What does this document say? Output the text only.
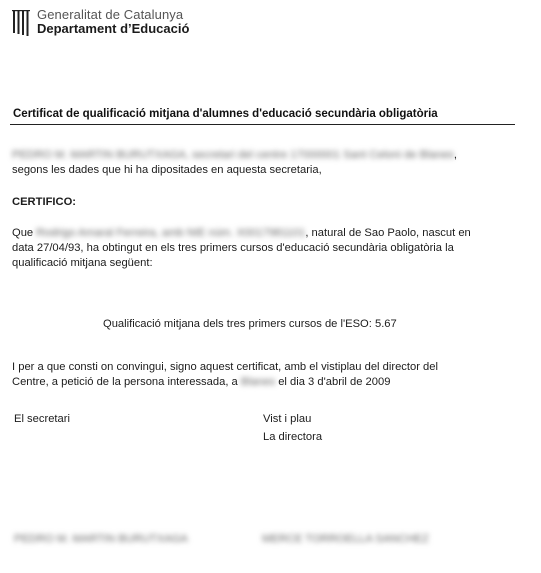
Generalitat de Catalunya
Departament d’Educació
Certificat de qualificació mitjana d'alumnes d'educació secundària obligatòria
PEDRO M. MARTIN BURUTXAGA, secretari del centre 17000001 Sant Celoni de Blanes,
segons les dades que hi ha dipositades en aquesta secretaria,
CERTIFICO:
Que Rodrigo Amaral Ferreira, amb NIE núm. X0017981101, natural de Sao Paolo, nascut en
data 27/04/93, ha obtingut en els tres primers cursos d'educació secundària obligatòria la
qualificació mitjana següent:
Qualificació mitjana dels tres primers cursos de l'ESO: 5.67
I per a que consti on convingui, signo aquest certificat, amb el vistiplau del director del
Centre, a petició de la persona interessada, a Blanes el dia 3 d'abril de 2009
El secretari	Vist i plau
La directora
PEDRO M. MARTIN BURUTXAGA	MERCE TORROELLA SANCHEZ
